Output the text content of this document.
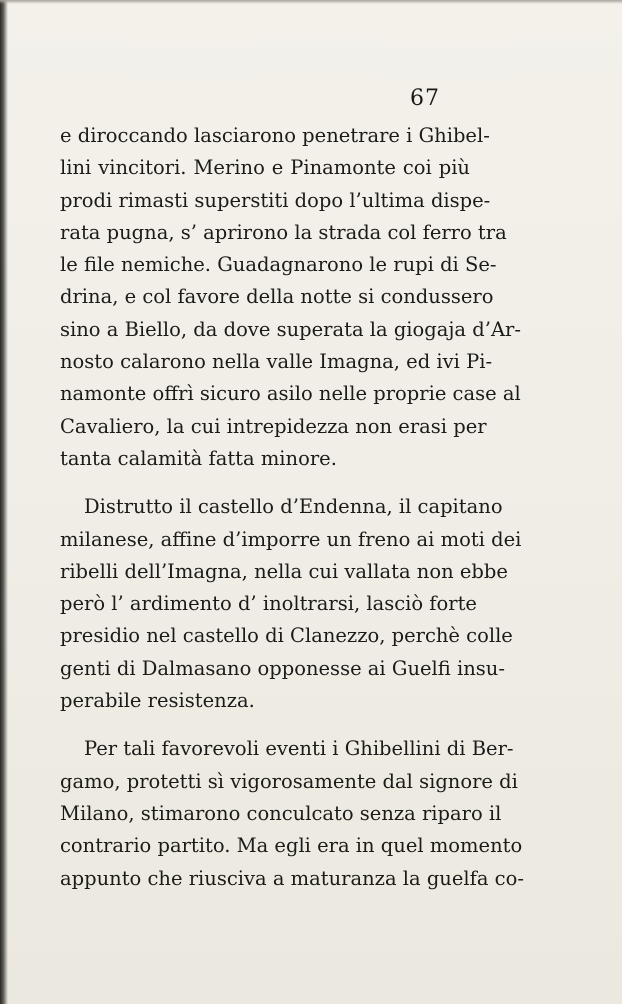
67
e diroccando lasciarono penetrare i Ghibel-
lini vincitori. Merino e Pinamonte coi più
prodi rimasti superstiti dopo l’ultima dispe-
rata pugna, s’ aprirono la strada col ferro tra
le file nemiche. Guadagnarono le rupi di Se-
drina, e col favore della notte si condussero
sino a Biello, da dove superata la giogaja d’Ar-
nosto calarono nella valle Imagna, ed ivi Pi-
namonte offrì sicuro asilo nelle proprie case al
Cavaliero, la cui intrepidezza non erasi per
tanta calamità fatta minore.
Distrutto il castello d’Endenna, il capitano
milanese, affine d’imporre un freno ai moti dei
ribelli dell’Imagna, nella cui vallata non ebbe
però l’ ardimento d’ inoltrarsi, lasciò forte
presidio nel castello di Clanezzo, perchè colle
genti di Dalmasano opponesse ai Guelfi insu-
perabile resistenza.
Per tali favorevoli eventi i Ghibellini di Ber-
gamo, protetti sì vigorosamente dal signore di
Milano, stimarono conculcato senza riparo il
contrario partito. Ma egli era in quel momento
appunto che riusciva a maturanza la guelfa co-
